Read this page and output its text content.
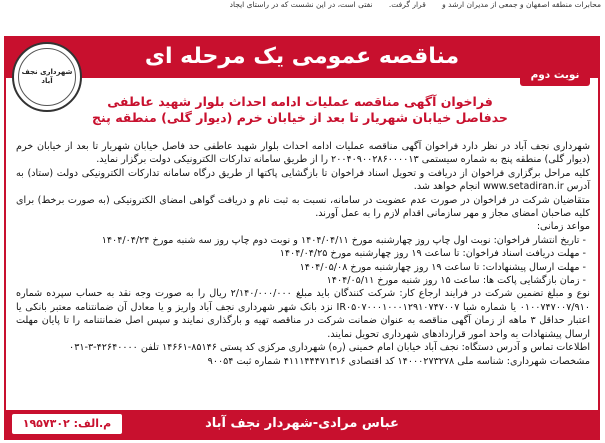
محابرات منطقه اصفهان و جمعی از مدیران ارشد و قرار گرفت. نفتی است، در این نشست که در راستای ایجاد
مناقصه عمومی یک مرحله ای
شهرداری نجف آباد	نوبت دوم
فراخوان آگهی مناقصه عملیات ادامه احداث بلوار شهید عاطفی
حدفاصل خیابان شهریار تا بعد از خیابان خرم (دیوار گلی) منطقه پنج

شهرداری نجف آباد در نظر دارد فراخوان آگهی مناقصه عملیات ادامه احداث بلوار شهید عاطفی حد فاصل خیابان شهریار تا بعد از خیابان خرم (دیوار گلی) منطقه پنج به شماره سیستمی ۲۰۰۴۰۹۰۰۲۸۶۰۰۰۰۱۳ را از طریق سامانه تدارکات الکترونیکی دولت برگزار نماید.

کلیه مراحل برگزاری فراخوان از دریافت و تحویل اسناد فراخوان تا بازگشایی پاکتها از طریق درگاه سامانه تدارکات الکترونیکی دولت (ستاد) به آدرس www.setadiran.ir انجام خواهد شد.

متقاضیان شرکت در فراخوان در صورت عدم عضویت در سامانه، نسبت به ثبت نام و دریافت گواهی امضای الکترونیکی (به صورت برخط) برای کلیه صاحبان امضای مجاز و مهر سازمانی اقدام لازم را به عمل آورند.

مواعد زمانی:

- تاریخ انتشار فراخوان: نوبت اول چاپ روز چهارشنبه مورخ ۱۴۰۴/۰۴/۱۱ و نوبت دوم چاپ روز سه شنبه مورخ ۱۴۰۴/۰۴/۲۴

- مهلت دریافت اسناد فراخوان: تا ساعت ۱۹ روز چهارشنبه مورخ ۱۴۰۴/۰۴/۲۵

- مهلت ارسال پیشنهادات: تا ساعت ۱۹ روز چهارشنبه مورخ ۱۴۰۴/۰۵/۰۸

- زمان بازگشایی پاکت ها: ساعت ۱۵ روز شنبه مورخ ۱۴۰۴/۰۵/۱۱

نوع و مبلغ تضمین شرکت در فرایند ارجاع کار: شرکت کنندگان باید مبلغ ۲/۱۴۰/۰۰۰/۰۰۰ ریال را به صورت وجه نقد به حساب سپرده شماره ۰۱۰۰۷۴۷۰۰۷/۹۱۰ یا شماره شبا IR۰۵۰۷۰۰۰۱۰۰۰۱۲۹۱۰۷۴۷۰۰۷ نزد بانک شهر شهرداری نجف آباد واریز و یا معادل آن ضمانتنامه معتبر بانکی یا اعتبار حداقل ۳ ماهه از زمان آگهی مناقصه به عنوان ضمانت شرکت در مناقصه تهیه و بارگذاری نمایند و سپس اصل ضمانتنامه را تا پایان مهلت ارسال پیشنهادات به واحد امور قراردادهای شهرداری تحویل نمایند.

اطلاعات تماس و آدرس دستگاه: نجف آباد خیابان امام خمینی (ره) شهرداری مرکزی کد پستی ۸۵۱۴۶-۱۴۶۶۱ تلفن ۴۲۶۴۰۰۰۰-۳-۰۳۱

مشخصات شهرداری: شناسه ملی ۱۴۰۰۰۲۷۳۲۷۸ کد اقتصادی ۴۱۱۱۴۴۴۷۱۳۱۶ شماره ثبت ۹۰۰۵۴

عباس مرادی-شهردار نجف آباد
م.الف: ۱۹۵۷۳۰۲
